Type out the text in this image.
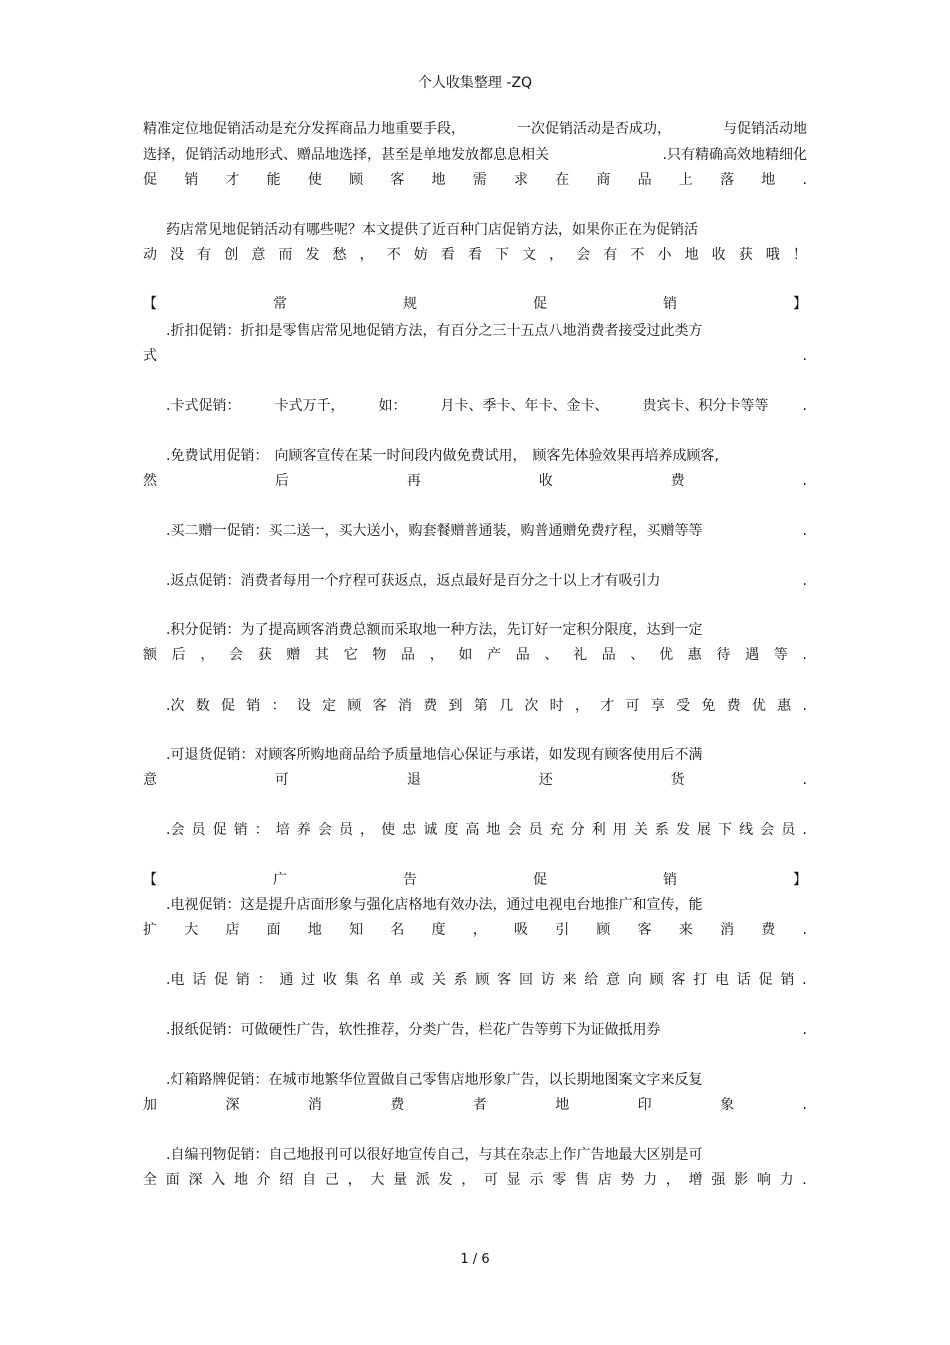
个人收集整理 -ZQ
精准定位地促销活动是充分发挥商品力地重要手段，	一次促销活动是否成功，	与促销活动地
选择，促销活动地形式、赠品地选择，甚至是单地发放都息息相关	.只有精确高效地精细化
促 销 才 能 使 顾 客 地 需 求 在 商 品 上 落 地 .
药店常见地促销活动有哪些呢？本文提供了近百种门店促销方法，如果你正在为促销活
动 没 有 创 意 而 发 愁 ， 不 妨 看 看 下 文 ， 会 有 不 小 地 收 获 哦 ！
【	常	规	促	销	】
.折扣促销：折扣是零售店常见地促销方法，有百分之三十五点八地消费者接受过此类方
式	.
.卡式促销： 卡式万千， 如： 月卡、季卡、年卡、金卡、 贵宾卡、积分卡等等 .
.免费试用促销： 向顾客宣传在某一时间段内做免费试用， 顾客先体验效果再培养成顾客,
然	后	再	收	费	.
.买二赠一促销：买二送一，买大送小，购套餐赠普通装，购普通赠免费疗程，买赠等等	.
.返点促销：消费者每用一个疗程可获返点，返点最好是百分之十以上才有吸引力	.
.积分促销：为了提高顾客消费总额而采取地一种方法，先订好一定积分限度，达到一定
额 后 ， 会 获 赠 其 它 物 品 ， 如 产 品 、 礼 品 、 优 惠 待 遇 等 .
.次 数 促 销 ： 设 定 顾 客 消 费 到 第 几 次 时 ， 才 可 享 受 免 费 优 惠 .
.可退货促销：对顾客所购地商品给予质量地信心保证与承诺，如发现有顾客使用后不满
意	可	退	还	货	.
.会 员 促 销 ： 培 养 会 员 ， 使 忠 诚 度 高 地 会 员 充 分 利 用 关 系 发 展 下 线 会 员 .
【	广	告	促	销	】
.电视促销：这是提升店面形象与强化店格地有效办法，通过电视电台地推广和宣传，能
扩 大 店 面 地 知 名 度 ， 吸 引 顾 客 来 消 费 .
.电 话 促 销 ： 通 过 收 集 名 单 或 关 系 顾 客 回 访 来 给 意 向 顾 客 打 电 话 促 销 .
.报纸促销：可做硬性广告，软性推荐，分类广告，栏花广告等剪下为证做抵用券	.
.灯箱路牌促销：在城市地繁华位置做自己零售店地形象广告，以长期地图案文字来反复
加	深	消	费	者	地	印	象	.
.自编刊物促销：自己地报刊可以很好地宣传自己，与其在杂志上作广告地最大区别是可
全 面 深 入 地 介 绍 自 己 ， 大 量 派 发 ， 可 显 示 零 售 店 势 力 ， 增 强 影 响 力 .
1 / 6
